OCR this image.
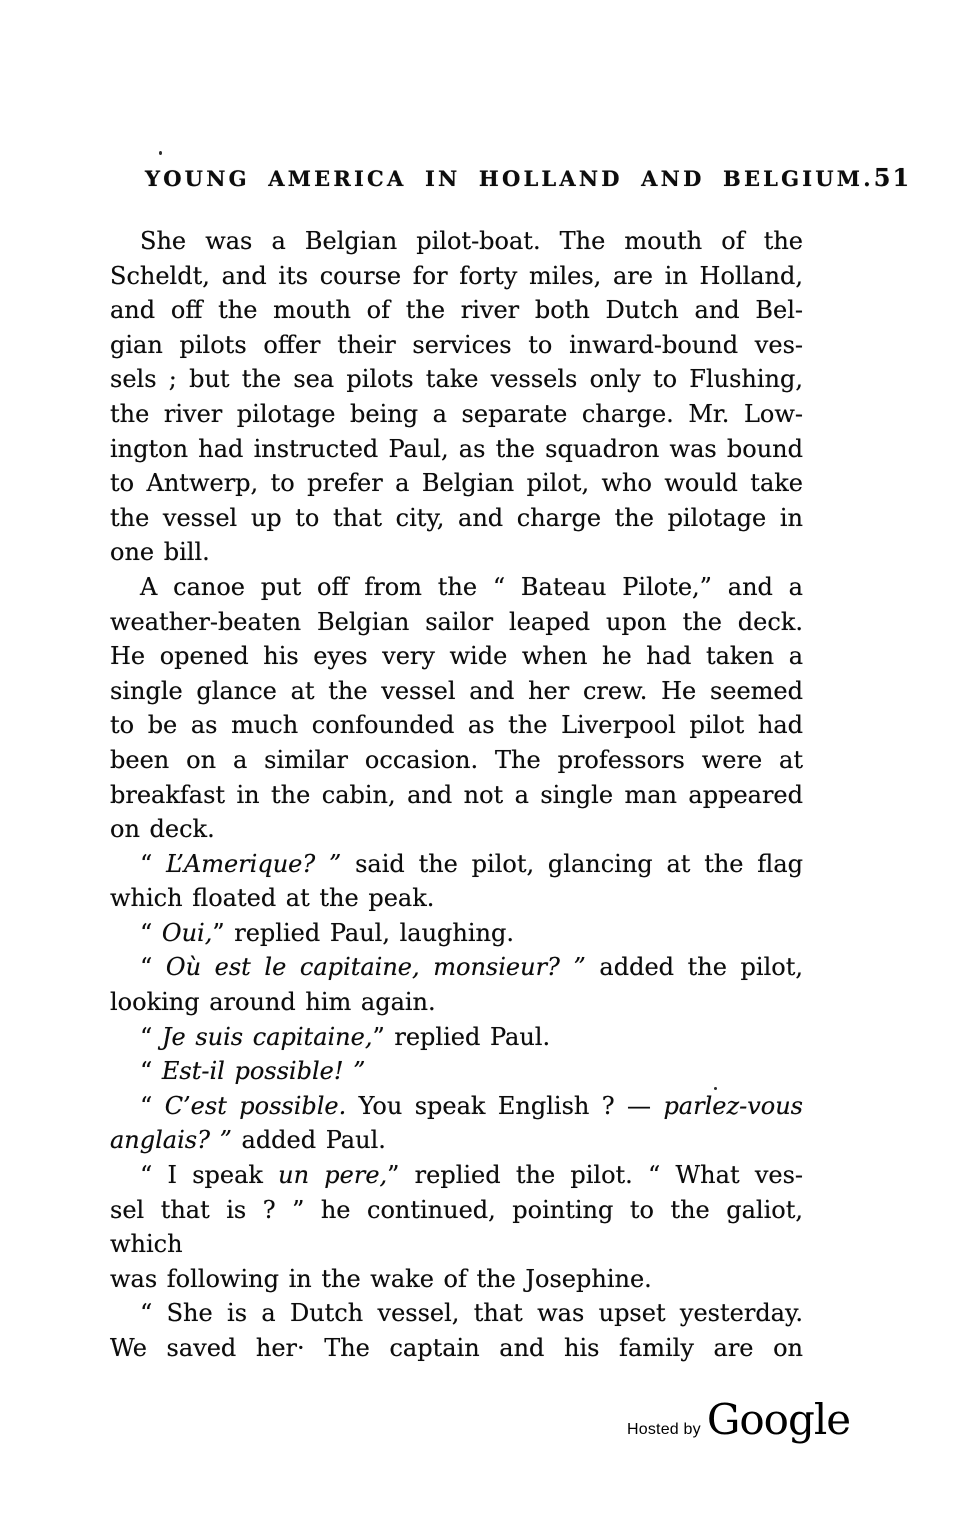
YOUNG AMERICA IN HOLLAND AND BELGIUM. 51
She was a Belgian pilot-boat. The mouth of the
Scheldt, and its course for forty miles, are in Holland,
and off the mouth of the river both Dutch and Bel-
gian pilots offer their services to inward-bound ves-
sels ; but the sea pilots take vessels only to Flushing,
the river pilotage being a separate charge. Mr. Low-
ington had instructed Paul, as the squadron was bound
to Antwerp, to prefer a Belgian pilot, who would take
the vessel up to that city, and charge the pilotage in
one bill.
A canoe put off from the “ Bateau Pilote,” and a
weather-beaten Belgian sailor leaped upon the deck.
He opened his eyes very wide when he had taken a
single glance at the vessel and her crew. He seemed
to be as much confounded as the Liverpool pilot had
been on a similar occasion. The professors were at
breakfast in the cabin, and not a single man appeared
on deck.
“ L’Amerique? ” said the pilot, glancing at the flag
which floated at the peak.
“ Oui,” replied Paul, laughing.
“ Où est le capitaine, monsieur? ” added the pilot,
looking around him again.
“ Je suis capitaine,” replied Paul.
“ Est-il possible! ”
“ C’est possible. You speak English ? — parlez-vous
anglais? ” added Paul.
“ I speak un pere,” replied the pilot. “ What ves-
sel that is ? ” he continued, pointing to the galiot, which
was following in the wake of the Josephine.
“ She is a Dutch vessel, that was upset yesterday.
We saved her· The captain and his family are on
Hosted by Google
